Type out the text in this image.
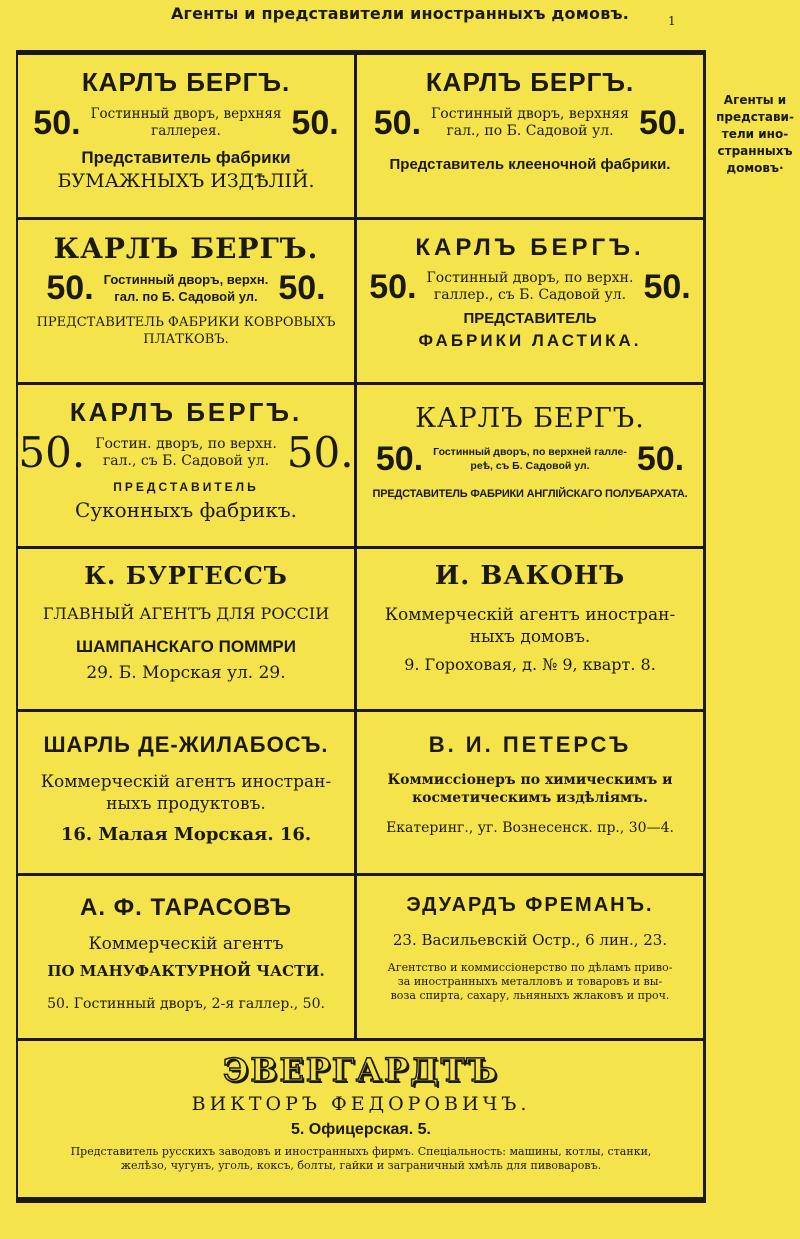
Агенты и представители иностранныхъ домовъ.	1
Агенты и
представи-
тели ино-
странныхъ
домовъ·
КАРЛЪ БЕРГЪ.
50. Гостинный дворъ, верхняя
галлерея.	50.
Представитель фабрики
БУМАЖНЫХЪ ИЗДѢЛІЙ.
КАРЛЪ БЕРГЪ.
50. Гостинный дворъ, верхняя
гал., по Б. Садовой ул. 50.
Представитель клеенoчной фабрики.
КАРЛЪ БЕРГЪ.
50. Гостинный дворъ, верхн.
гал. по Б. Садовой ул. 50.
ПРЕДСТАВИТЕЛЬ ФАБРИКИ КОВРОВЫХЪ
ПЛАТКОВЪ.
КАРЛЪ БЕРГЪ.
50. Гостинный дворъ, по верхн.
галлер., съ Б. Садовой ул. 50.
ПРЕДСТАВИТЕЛЬ
ФАБРИКИ ЛАСТИКА.
КАРЛЪ БЕРГЪ.
50. Гостин. дворъ, по верхн.
гал., съ Б. Садовой ул. 50.
ПРЕДСТАВИТЕЛЬ
Суконныхъ фабрикъ.
КАРЛЪ БЕРГЪ.
50. Гостинный дворъ, по верхней галле-
реѣ, съ Б. Садовой ул.	50.
ПРЕДСТАВИТЕЛЬ ФАБРИКИ АНГЛІЙСКАГО ПОЛУБАРХАТА.
К. БУРГЕССЪ
ГЛАВНЫЙ АГЕНТЪ ДЛЯ РОССІИ
ШАМПАНСКАГО ПОММРИ
29. Б. Морская ул. 29.
И. ВАКОНЪ
Коммерческій агентъ иностран-
ныхъ домовъ.
9. Гороховая, д. № 9, кварт. 8.
ШАРЛЬ ДЕ-ЖИЛАБОСЪ.
Коммерческій агентъ иностран-
ныхъ продуктовъ.
16. Малая Морская. 16.
В. И. ПЕТЕРСЪ
Коммиссіонеръ по химическимъ и
косметическимъ издѣліямъ.
Екатеринг., уг. Вознесенск. пр., 30—4.
А. Ф. ТАРАСОВЪ
Коммерческій агентъ
ПО МАНУФАКТУРНОЙ ЧАСТИ.
50. Гостинный дворъ, 2-я галлер., 50.
ЭДУАРДЪ ФРЕМАНЪ.
23. Васильевскій Остр., 6 лин., 23.
Агентство и коммиссіонерство по дѣламъ приво-
за иностранныхъ металловъ и товаровъ и вы-
воза спирта, сахару, льняныхъ жлаковъ и проч.
ЭВЕРГАРДТЪ
ВИКТОРЪ ФЕДОРОВИЧЪ.
5. Офицерская. 5.
Представитель русскихъ заводовъ и иностранныхъ фирмъ. Спеціальность: машины, котлы, станки,
желѣзо, чугунъ, уголь, коксъ, болты, гайки и заграничный хмѣль для пивоваровъ.
